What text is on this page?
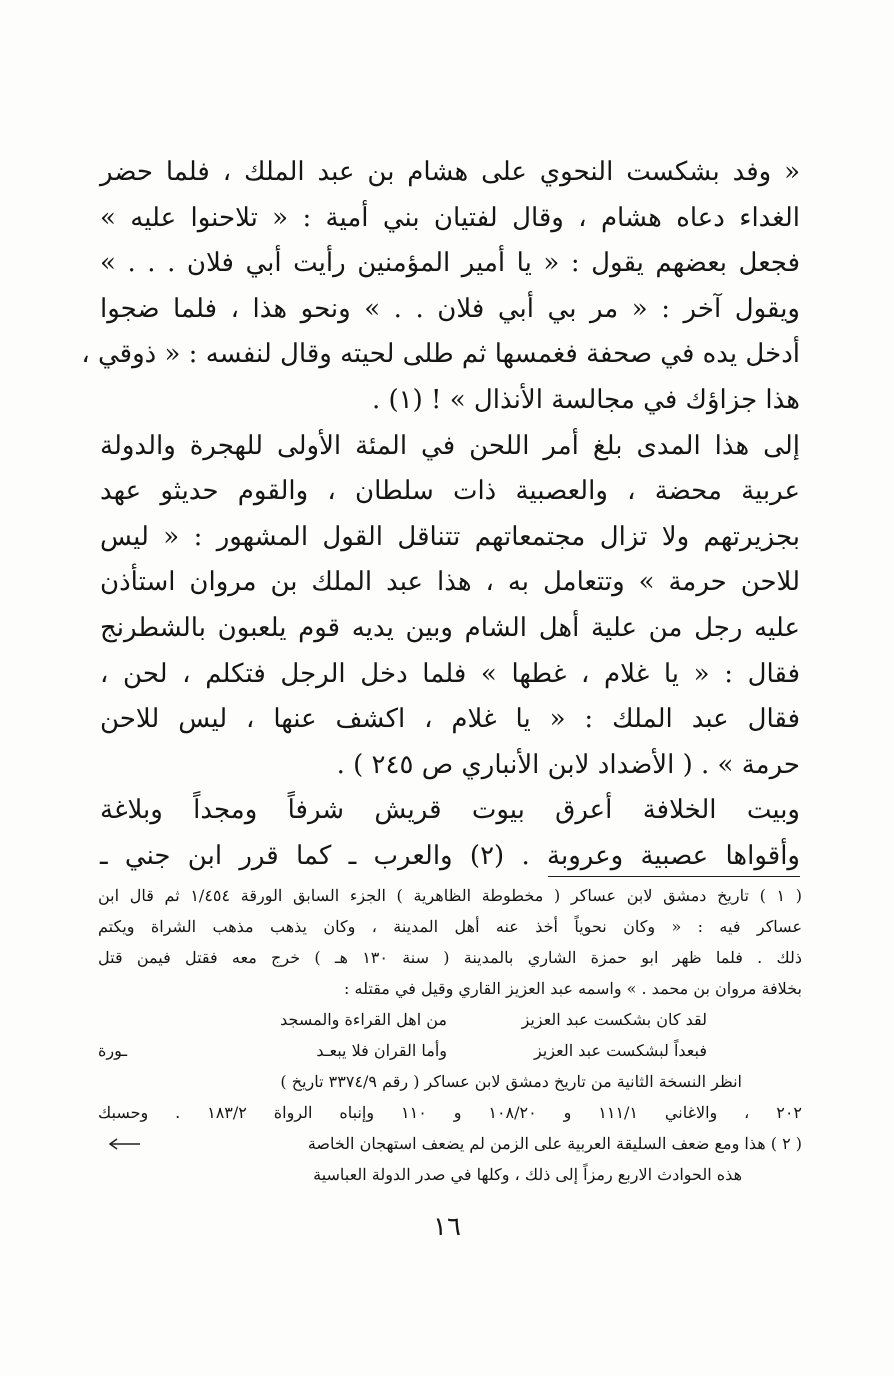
« وفد بشكست النحوي على هشام بن عبد الملك ، فلما حضر
الغداء دعاه هشام ، وقال لفتيان بني أمية : « تلاحنوا عليه »
فجعل بعضهم يقول : « يا أمير المؤمنين رأيت أبي فلان . . . »
ويقول آخر : « مر بي أبي فلان . . » ونحو هذا ، فلما ضجوا
أدخل يده في صحفة فغمسها ثم طلى لحيته وقال لنفسه : « ذوقي ،
هذا جزاؤك في مجالسة الأنذال » ! (١) .
إلى هذا المدى بلغ أمر اللحن في المئة الأولى للهجرة والدولة
عربية محضة ، والعصبية ذات سلطان ، والقوم حديثو عهد
بجزيرتهم ولا تزال مجتمعاتهم تتناقل القول المشهور : « ليس
للاحن حرمة » وتتعامل به ، هذا عبد الملك بن مروان استأذن
عليه رجل من علية أهل الشام وبين يديه قوم يلعبون بالشطرنج
فقال : « يا غلام ، غطها » فلما دخل الرجل فتكلم ، لحن ،
فقال عبد الملك : « يا غلام ، اكشف عنها ، ليس للاحن
حرمة » . ( الأضداد لابن الأنباري ص ٢٤٥ ) .
وبيت الخلافة أعرق بيوت قريش شرفاً ومجداً وبلاغة
وأقواها عصبية وعروبة . (٢) والعرب ـ كما قرر ابن جني ـ
( ١ ) تاريخ دمشق لابن عساكر ( مخطوطة الظاهرية ) الجزء السابق الورقة ١/٤٥٤ ثم قال ابن
عساكر فيه : « وكان نحوياً أخذ عنه أهل المدينة ، وكان يذهب مذهب الشراة ويكتم
ذلك . فلما ظهر ابو حمزة الشاري بالمدينة ( سنة ١٣٠ هـ ) خرج معه فقتل فيمن قتل
بخلافة مروان بن محمد . » واسمه عبد العزيز القاري وقيل في مقتله :
لقد كان بشكست عبد العزيز
من اهل القراءة والمسجد
فبعداً لبشكست عبد العزيز
وأما القران فلا يبعـد
ـورة
انظر النسخة الثانية من تاريخ دمشق لابن عساكر ( رقم ٣٣٧٤/٩ تاريخ )
٢٠٢ ، والاغاني ١١١/١ و ١٠٨/٢٠ و ١١٠ وإنباه الرواة ١٨٣/٢ . وحسبك
( ٢ ) هذا ومع ضعف السليقة العربية على الزمن لم يضعف استهجان الخاصة
هذه الحوادث الاربع رمزاً إلى ذلك ، وكلها في صدر الدولة العباسية
١٦
